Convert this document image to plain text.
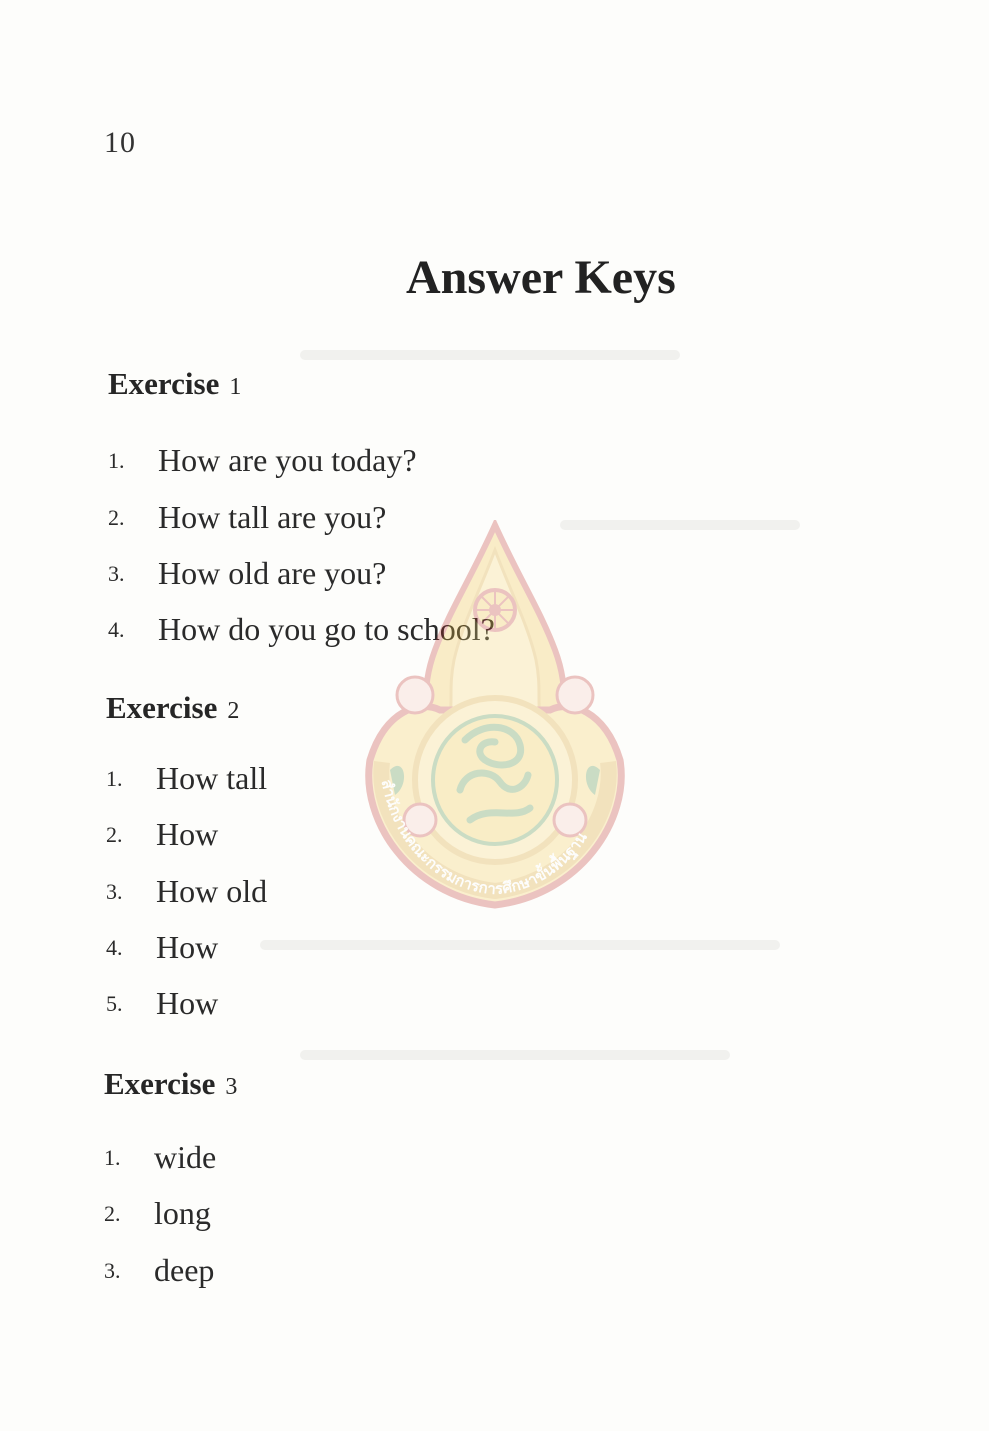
10
Answer Keys
Exercise 1
1. How are you today?
2. How tall are you?
3. How old are you?
4. How do you go to school?
Exercise 2
1. How tall
2. How
3. How old
4. How
5. How
Exercise 3
1. wide
2. long
3. deep
สำนักงานคณะกรรมการการศึกษาขั้นพื้นฐาน
